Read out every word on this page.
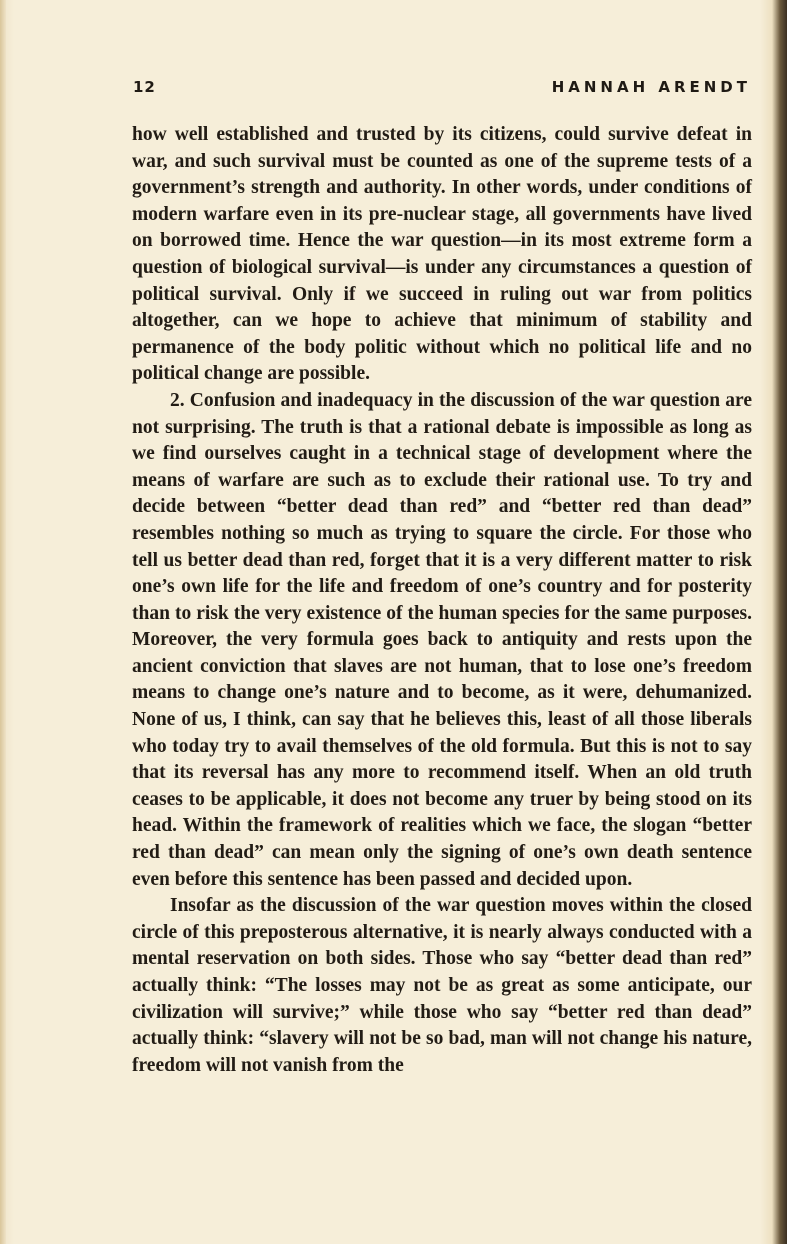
12	HANNAH ARENDT

how well established and trusted by its citizens, could survive defeat in war, and such survival must be counted as one of the supreme tests of a government’s strength and authority. In other words, under conditions of modern warfare even in its pre-nuclear stage, all governments have lived on borrowed time. Hence the war question—in its most extreme form a question of biological survival—is under any circumstances a question of political survival. Only if we succeed in ruling out war from politics altogether, can we hope to achieve that minimum of stability and permanence of the body politic without which no political life and no political change are possible.

2. Confusion and inadequacy in the discussion of the war question are not surprising. The truth is that a rational debate is impossible as long as we find ourselves caught in a technical stage of development where the means of warfare are such as to exclude their rational use. To try and decide between “better dead than red” and “better red than dead” resembles nothing so much as trying to square the circle. For those who tell us better dead than red, forget that it is a very different matter to risk one’s own life for the life and freedom of one’s country and for posterity than to risk the very existence of the human species for the same purposes. Moreover, the very formula goes back to antiquity and rests upon the ancient conviction that slaves are not human, that to lose one’s freedom means to change one’s nature and to become, as it were, dehumanized. None of us, I think, can say that he believes this, least of all those liberals who today try to avail themselves of the old formula. But this is not to say that its reversal has any more to recommend itself. When an old truth ceases to be applicable, it does not become any truer by being stood on its head. Within the framework of realities which we face, the slogan “better red than dead” can mean only the signing of one’s own death sentence even before this sentence has been passed and decided upon.

Insofar as the discussion of the war question moves within the closed circle of this preposterous alternative, it is nearly always conducted with a mental reservation on both sides. Those who say “better dead than red” actually think: “The losses may not be as great as some anticipate, our civilization will survive;” while those who say “better red than dead” actually think: “slavery will not be so bad, man will not change his nature, freedom will not vanish from the
